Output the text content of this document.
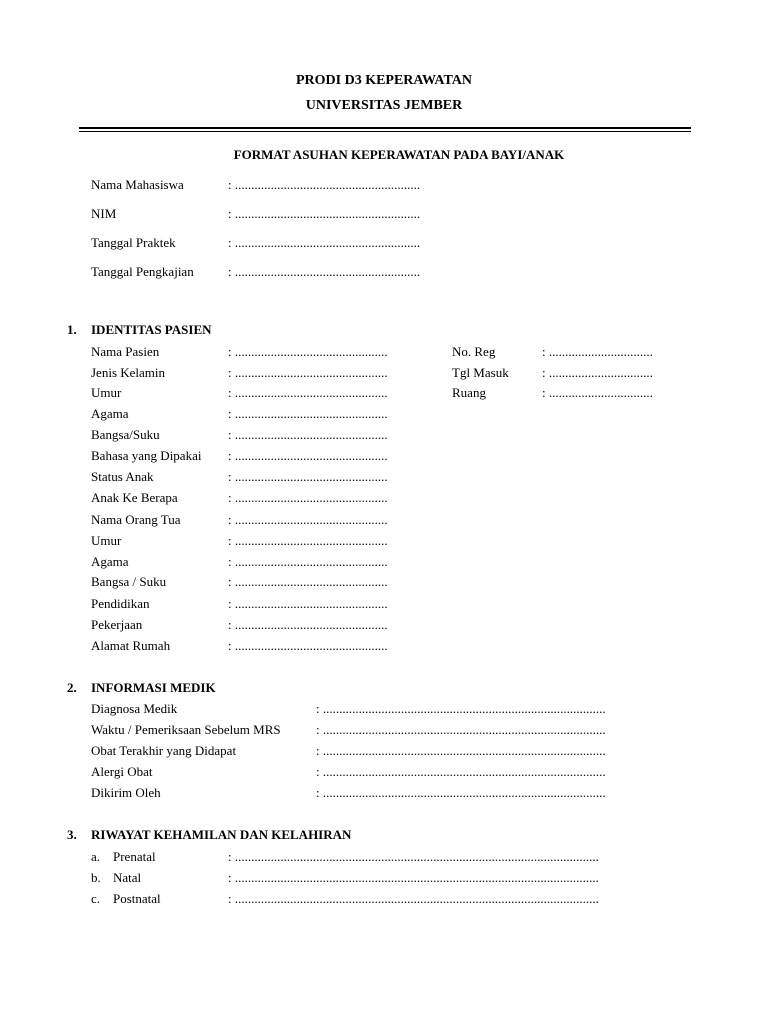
PRODI D3 KEPERAWATAN
UNIVERSITAS JEMBER
FORMAT ASUHAN KEPERAWATAN PADA BAYI/ANAK
Nama Mahasiswa	: .........................................................
NIM	: .........................................................
Tanggal Praktek	: .........................................................
Tanggal Pengkajian	: .........................................................
1. IDENTITAS PASIEN
Nama Pasien	: ...............................................
Jenis Kelamin	: ...............................................
Umur	: ...............................................
Agama	: ...............................................
Bangsa/Suku	: ...............................................
Bahasa yang Dipakai : ...............................................
Status Anak	: ...............................................
Anak Ke Berapa	: ...............................................
Nama Orang Tua	: ...............................................
Umur	: ...............................................
Agama	: ...............................................
Bangsa / Suku	: ...............................................
Pendidikan	: ...............................................
Pekerjaan	: ...............................................
Alamat Rumah	: ...............................................
No. Reg	: ................................
Tgl Masuk	: ................................
Ruang	: ................................
2. INFORMASI MEDIK
Diagnosa Medik	: .......................................................................................
Waktu / Pemeriksaan Sebelum MRS	: .......................................................................................
Obat Terakhir yang Didapat	: .......................................................................................
Alergi Obat	: .......................................................................................
Dikirim Oleh	: .......................................................................................
3. RIWAYAT KEHAMILAN DAN KELAHIRAN
a. Prenatal	: ................................................................................................................
b. Natal	: ................................................................................................................
c. Postnatal	: ................................................................................................................
